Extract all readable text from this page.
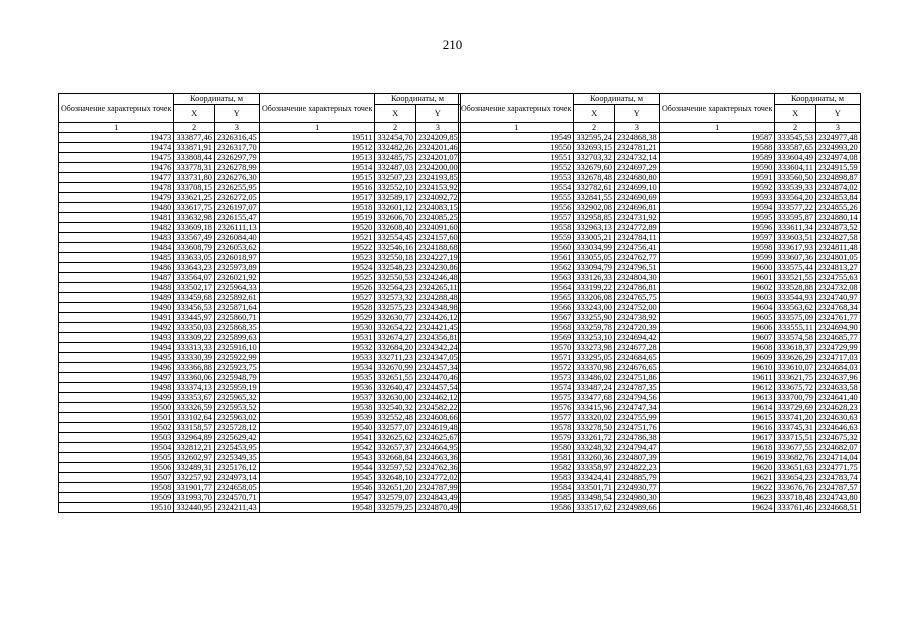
210
Обозначение характерных точек	Координаты, м	
	X	Y
1	2	3
19473	333877,46	2326316,45
19474	333871,91	2326317,70
19475	333808,44	2326297,79
19476	333778,31	2326278,99
19477	333731,80	2326276,30
19478	333708,15	2326255,95
19479	333621,25	2326272,05
19480	333617,75	2326197,07
19481	333632,98	2326155,47
19482	333609,18	2326111,13
19483	333567,49	2326084,40
19484	333608,79	2326053,62
19485	333633,05	2326018,97
19486	333643,23	2325973,89
19487	333564,07	2326021,92
19488	333502,17	2325964,33
19489	333459,68	2325892,61
19490	333456,53	2325871,64
19491	333445,97	2325860,71
19492	333350,03	2325868,35
19493	333309,22	2325899,63
19494	333313,33	2325916,10
19495	333330,39	2325922,99
19496	333366,88	2325923,75
19497	333360,06	2325948,79
19498	333374,13	2325959,19
19499	333353,67	2325965,32
19500	333326,59	2325953,52
19501	333102,64	2325963,02
19502	333158,57	2325728,12
19503	332964,89	2325629,42
19504	332812,21	2325453,95
19505	332602,97	2325349,35
19506	332489,31	2325176,12
19507	332257,92	2324973,14
19508	331901,77	2324658,05
19509	331993,70	2324570,71
19510	332440,95	2324211,43
Обозначение характерных точек	Координаты, м	
	X	Y
1	2	3
19511	332454,70	2324209,85
19512	332482,26	2324201,46
19513	332485,75	2324201,07
19514	332487,03	2324200,00
19515	332507,23	2324193,85
19516	332552,10	2324153,92
19517	332589,17	2324092,72
19518	332601,12	2324083,15
19519	332606,70	2324085,25
19520	332608,40	2324091,60
19521	332554,45	2324157,60
19522	332546,16	2324188,68
19523	332550,18	2324227,19
19524	332548,23	2324230,86
19525	332550,53	2324246,48
19526	332564,23	2324265,11
19527	332573,32	2324288,48
19528	332575,23	2324348,98
19529	332630,77	2324426,12
19530	332654,22	2324421,45
19531	332674,27	2324356,81
19532	332684,20	2324342,24
19533	332711,23	2324347,05
19534	332670,99	2324457,34
19535	332651,55	2324470,46
19536	332640,47	2324457,54
19537	332630,00	2324462,12
19538	332540,32	2324582,22
19539	332552,48	2324608,66
19540	332577,07	2324619,48
19541	332625,62	2324625,67
19542	332657,37	2324664,95
19543	332668,84	2324663,36
19544	332597,52	2324762,36
19545	332648,10	2324772,02
19546	332651,20	2324787,99
19547	332579,07	2324843,49
19548	332579,25	2324870,49
Обозначение характерных точек	Координаты, м	
	X	Y
1	2	3
19549	332595,24	2324868,38
19550	332693,15	2324781,21
19551	332703,32	2324732,14
19552	332679,60	2324697,29
19553	332678,48	2324680,80
19554	332782,61	2324699,10
19555	332841,55	2324690,69
19556	332902,08	2324696,81
19557	332958,85	2324731,92
19558	332963,13	2324772,89
19559	333005,21	2324784,11
19560	333034,99	2324756,41
19561	333055,05	2324762,77
19562	333094,79	2324796,51
19563	333126,33	2324804,30
19564	333199,22	2324786,81
19565	333206,08	2324765,75
19566	333243,00	2324752,00
19567	333255,90	2324738,92
19568	333259,78	2324720,39
19569	333253,10	2324694,42
19570	333273,98	2324677,28
19571	333295,05	2324684,65
19572	333370,98	2324676,65
19573	333486,02	2324751,86
19574	333487,24	2324787,35
19575	333477,68	2324794,56
19576	333415,96	2324747,34
19577	333320,02	2324755,99
19578	333278,50	2324751,76
19579	333261,72	2324786,38
19580	333248,32	2324794,47
19581	333260,36	2324807,39
19582	333358,97	2324822,23
19583	333424,41	2324885,79
19584	333501,71	2324930,77
19585	333498,54	2324980,30
19586	333517,62	2324989,66
Обозначение характерных точек	Координаты, м	
	X	Y
1	2	3
19587	333545,53	2324977,48
19588	333587,65	2324993,20
19589	333604,49	2324974,08
19590	333604,11	2324915,59
19591	333560,50	2324898,87
19592	333539,33	2324874,02
19593	333564,20	2324853,84
19594	333577,22	2324855,26
19595	333595,87	2324880,14
19596	333611,34	2324873,52
19597	333603,51	2324827,58
19598	333617,93	2324811,48
19599	333607,36	2324801,05
19600	333575,44	2324813,27
19601	333521,55	2324755,63
19602	333528,88	2324732,08
19603	333544,93	2324740,97
19604	333563,62	2324768,34
19605	333575,09	2324761,77
19606	333555,11	2324694,90
19607	333574,58	2324685,77
19608	333618,37	2324729,99
19609	333626,29	2324717,03
19610	333610,07	2324684,03
19611	333621,75	2324637,96
19612	333675,72	2324633,58
19613	333700,79	2324641,40
19614	333729,69	2324628,23
19615	333741,20	2324630,63
19616	333745,31	2324646,63
19617	333715,51	2324675,32
19618	333677,55	2324682,07
19619	333682,76	2324714,04
19620	333651,63	2324771,75
19621	333654,23	2324783,74
19622	333676,76	2324787,57
19623	333718,48	2324743,80
19624	333761,46	2324668,51
